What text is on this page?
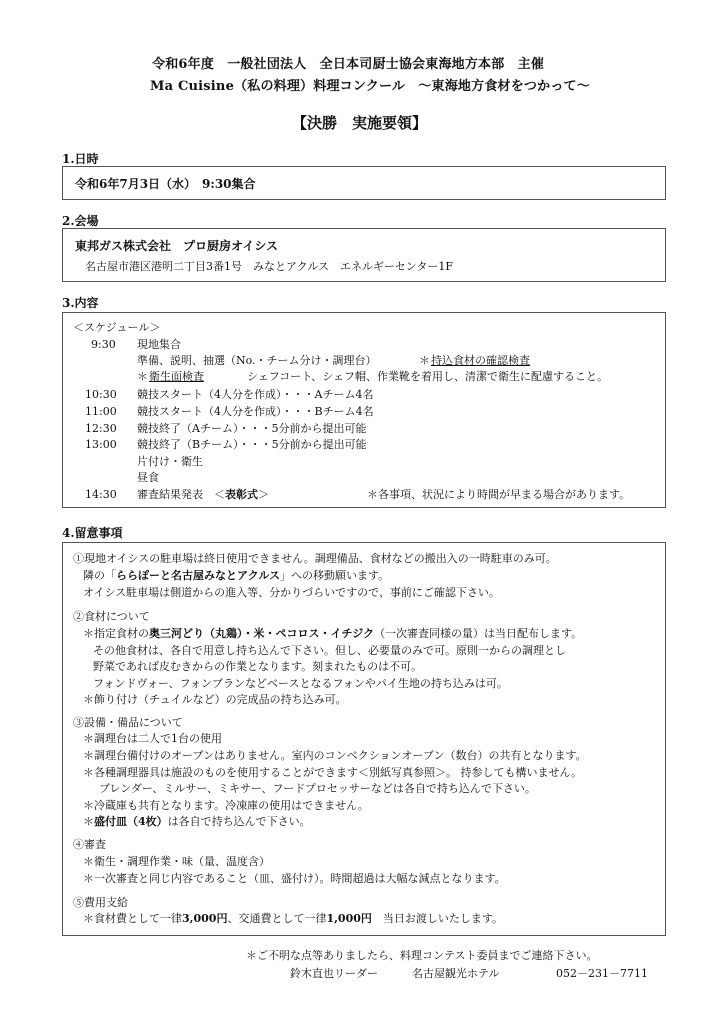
令和6年度　一般社団法人　全日本司厨士協会東海地方本部　主催
Ma Cuisine（私の料理）料理コンクール　～東海地方食材をつかって～
【決勝　実施要領】
1.日時
令和6年7月3日（水）　9:30集合
2.会場
東邦ガス株式会社　プロ厨房オイシス
名古屋市港区港明二丁目3番1号　みなとアクルス　エネルギーセンター1F
3.内容
＜スケジュール＞
9:30 現地集合
準備、説明、抽選（No.・チーム分け・調理台）	＊ 持込食材の確認検査
＊ 衛生面検査	シェフコート、シェフ帽、作業靴を着用し、清潔で衛生に配慮すること。
10:30 競技スタート（4人分を作成）・・・Aチーム4名
11:00 競技スタート（4人分を作成）・・・Bチーム4名
12:30 競技終了（Aチーム）・・・5分前から提出可能
13:00 競技終了（Bチーム）・・・5分前から提出可能
片付け・衛生
昼食
14:30 審査結果発表　＜表彰式＞	＊各事項、状況により時間が早まる場合があります。
4.留意事項
①現地オイシスの駐車場は終日使用できません。調理備品、食材などの搬出入の一時駐車のみ可。
隣の「ららぽーと名古屋みなとアクルス」への移動願います。
オイシス駐車場は側道からの進入等、分かりづらいですので、事前にご確認下さい。
②食材について
＊指定食材の奥三河どり（丸鶏）・米・ペコロス・イチジク（一次審査同様の量）は当日配布します。
その他食材は、各自で用意し持ち込んで下さい。但し、必要量のみで可。原則一からの調理とし
野菜であれば皮むきからの作業となります。刻まれたものは不可。
フォンドヴォー、フォンブランなどベースとなるフォンやパイ生地の持ち込みは可。
＊飾り付け（チュイルなど）の完成品の持ち込み可。
③設備・備品について
＊調理台は二人で1台の使用
＊調理台備付けのオーブンはありません。室内のコンベクションオーブン（数台）の共有となります。
＊各種調理器具は施設のものを使用することができます＜別紙写真参照＞。 持参しても構いません。
ブレンダー、ミルサー、ミキサー、フードプロセッサーなどは各自で持ち込んで下さい。
＊冷蔵庫も共有となります。冷凍庫の使用はできません。
＊盛付皿（4枚）は各自で持ち込んで下さい。
④審査
＊衛生・調理作業・味（量、温度含）
＊一次審査と同じ内容であること（皿、盛付け）。時間超過は大幅な減点となります。
⑤費用支給
＊食材費として一律3,000円、交通費として一律1,000円　当日お渡しいたします。
＊ご不明な点等ありましたら、料理コンテスト委員までご連絡下さい。
鈴木直也リーダー	名古屋観光ホテル	052－231－7711
